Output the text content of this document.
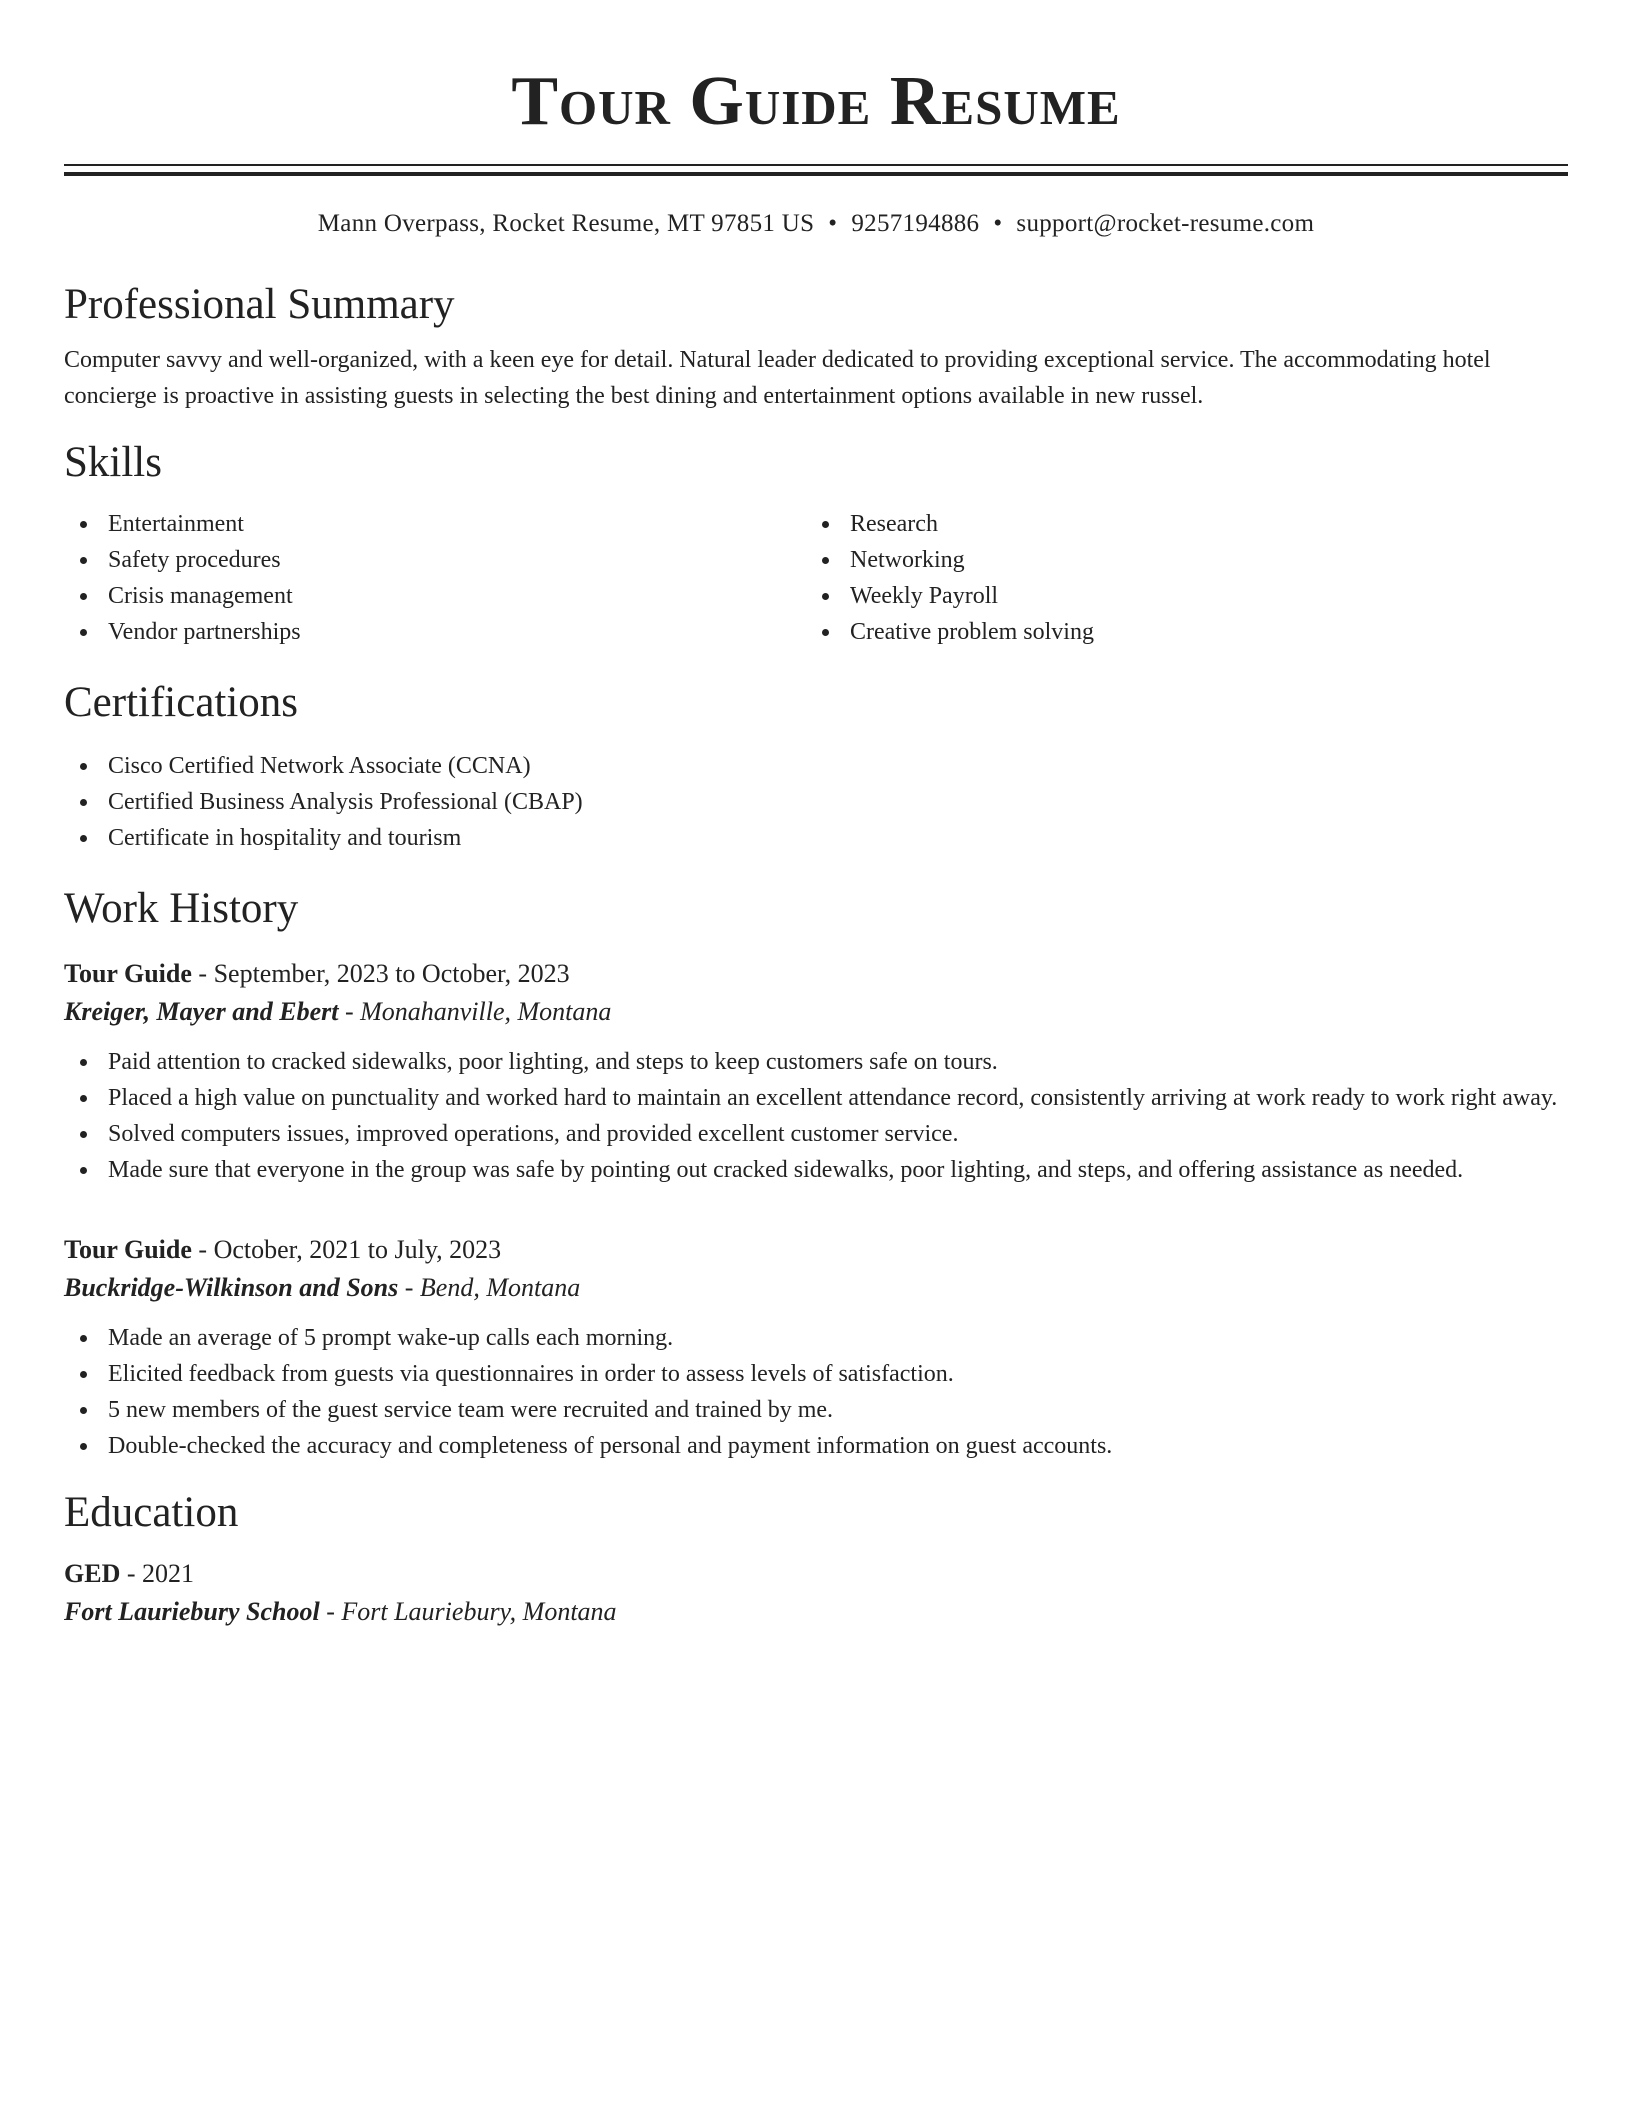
Tour Guide Resume
Mann Overpass, Rocket Resume, MT 97851 US • 9257194886 • support@rocket-resume.com
Professional Summary

Computer savvy and well-organized, with a keen eye for detail. Natural leader dedicated to providing exceptional service. The accommodating hotel concierge is proactive in assisting guests in selecting the best dining and entertainment options available in new russel.

Skills
Entertainment
Safety procedures
Crisis management
Vendor partnerships
Research
Networking
Weekly Payroll
Creative problem solving
Certifications
Cisco Certified Network Associate (CCNA)
Certified Business Analysis Professional (CBAP)
Certificate in hospitality and tourism
Work History
Tour Guide - September, 2023 to October, 2023
Kreiger, Mayer and Ebert - Monahanville, Montana
Paid attention to cracked sidewalks, poor lighting, and steps to keep customers safe on tours.
Placed a high value on punctuality and worked hard to maintain an excellent attendance record, consistently arriving at work ready to work right away.
Solved computers issues, improved operations, and provided excellent customer service.
Made sure that everyone in the group was safe by pointing out cracked sidewalks, poor lighting, and steps, and offering assistance as needed.
Tour Guide - October, 2021 to July, 2023
Buckridge-Wilkinson and Sons - Bend, Montana
Made an average of 5 prompt wake-up calls each morning.
Elicited feedback from guests via questionnaires in order to assess levels of satisfaction.
5 new members of the guest service team were recruited and trained by me.
Double-checked the accuracy and completeness of personal and payment information on guest accounts.
Education
GED - 2021
Fort Lauriebury School - Fort Lauriebury, Montana
